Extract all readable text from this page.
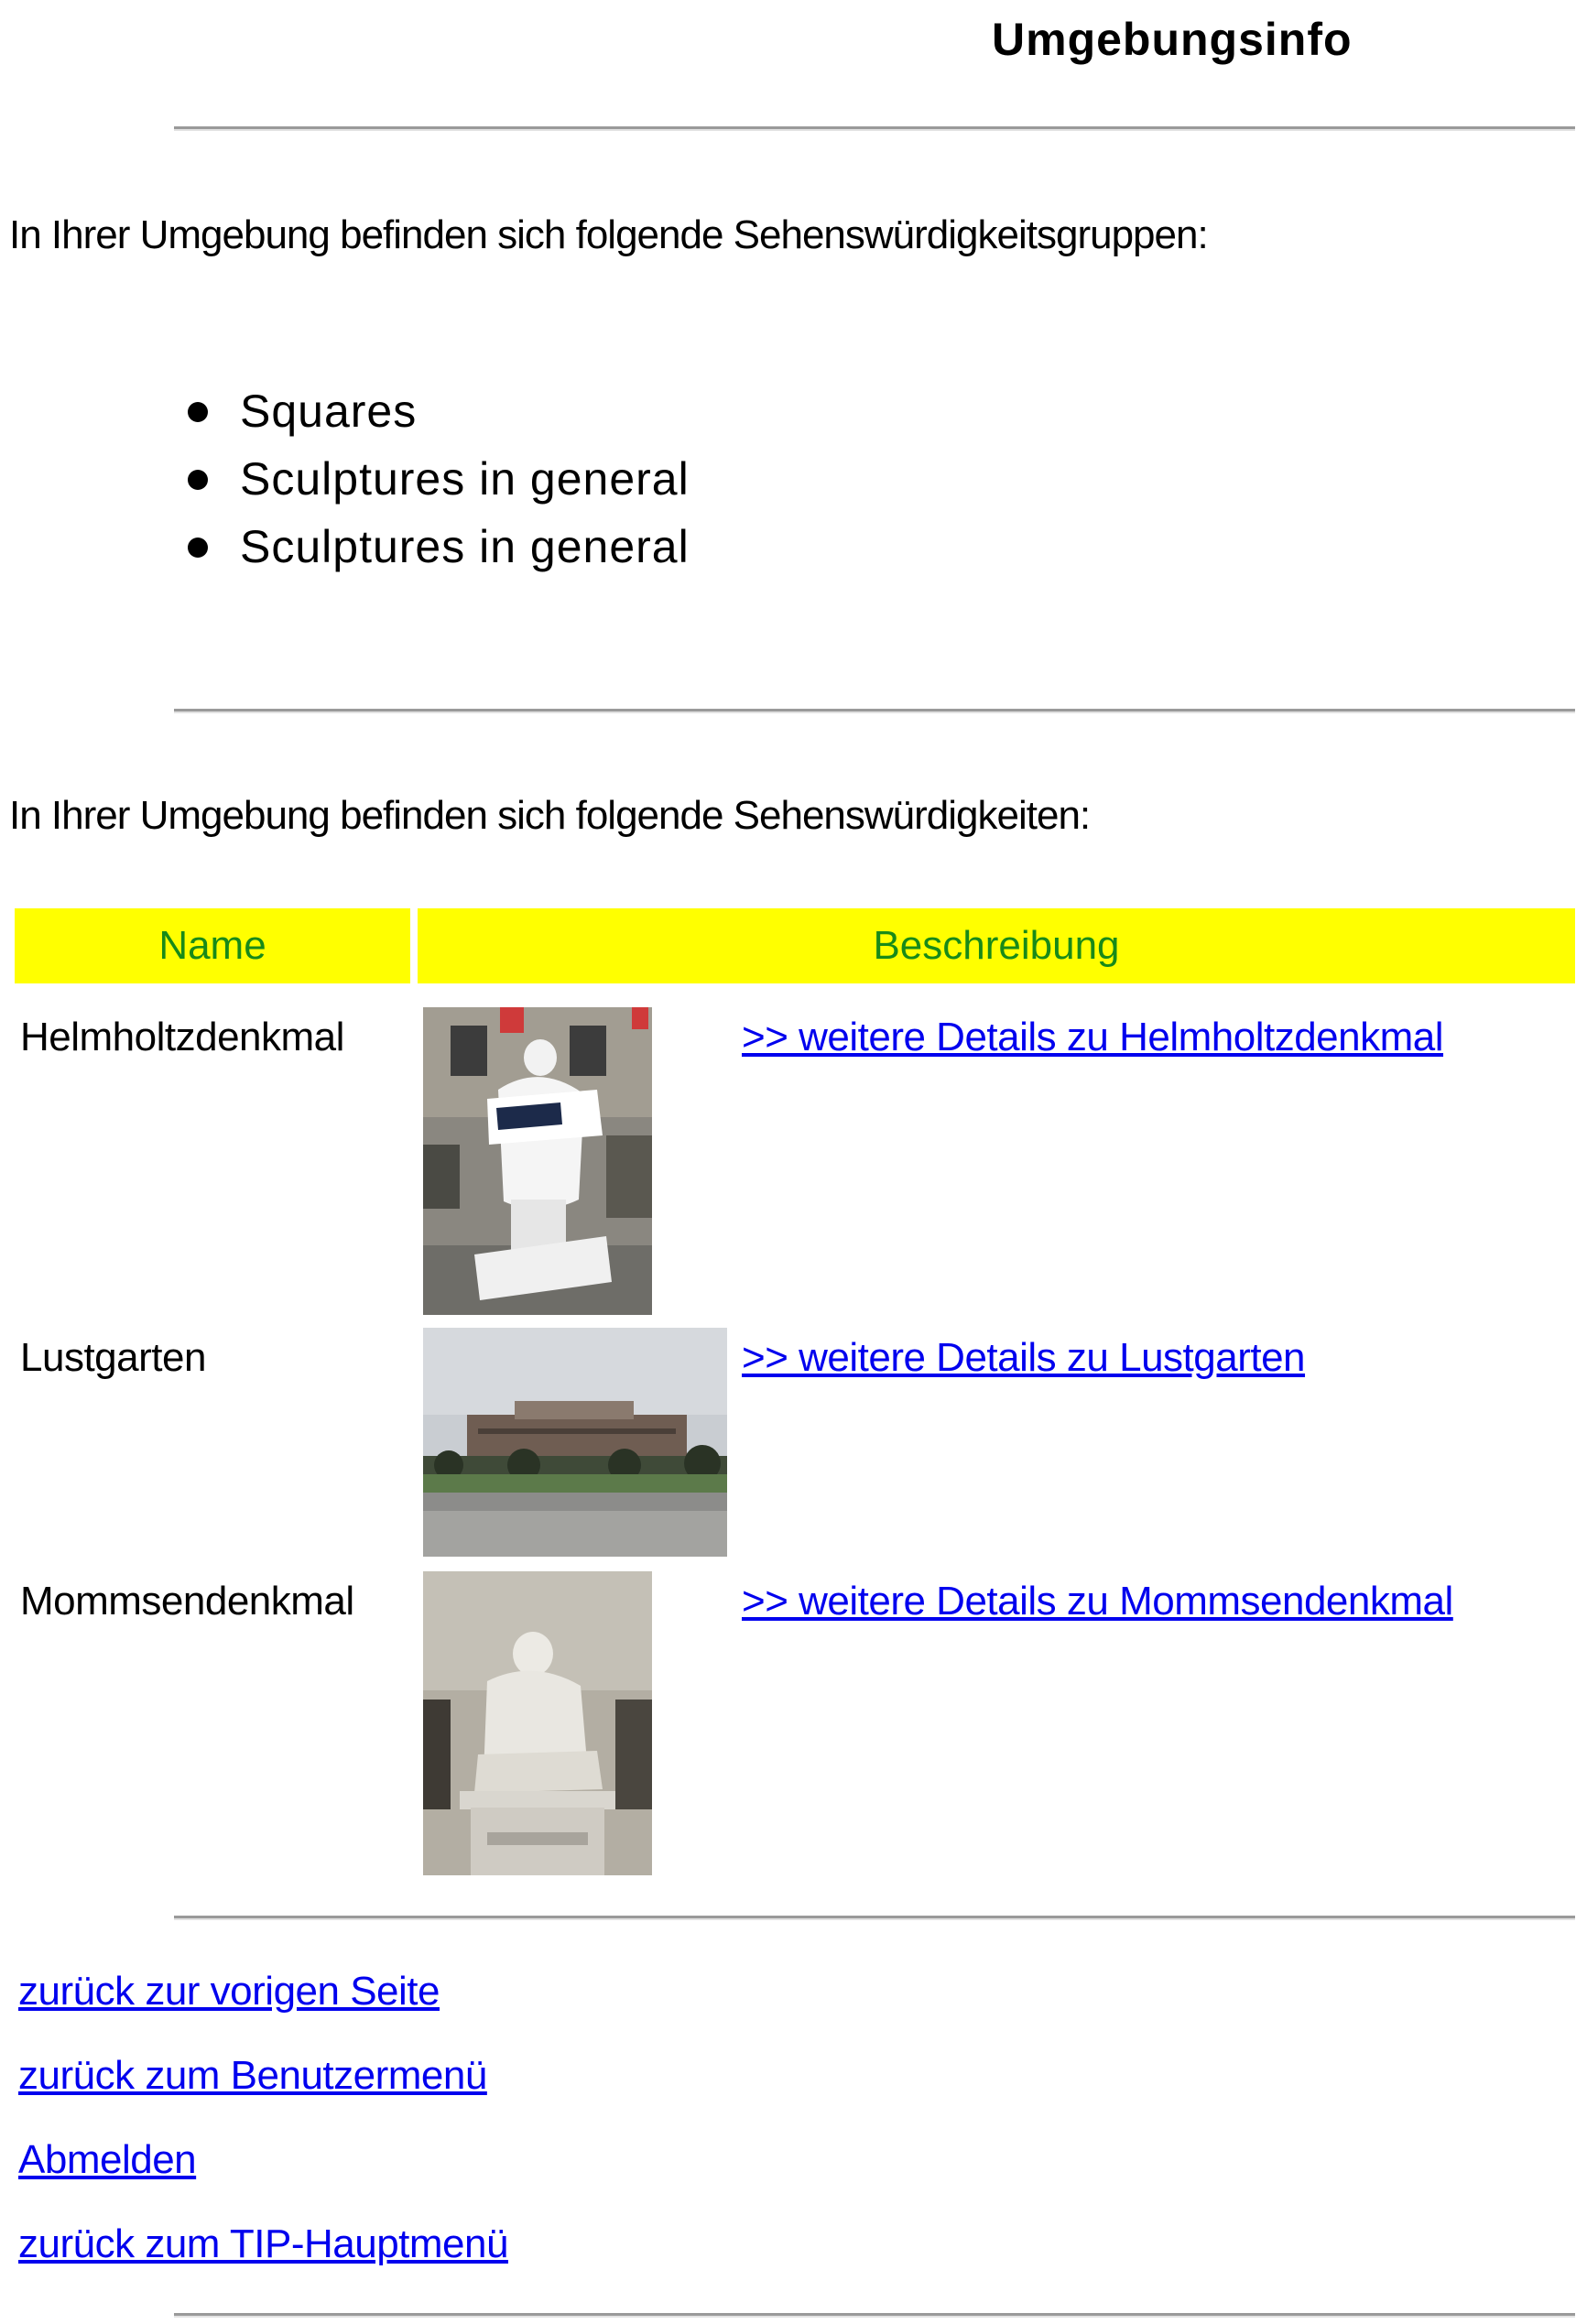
Umgebungsinfo
In Ihrer Umgebung befinden sich folgende Sehenswürdigkeitsgruppen:
Squares
Sculptures in general
Sculptures in general
In Ihrer Umgebung befinden sich folgende Sehenswürdigkeiten:
Name	Beschreibung
Helmholtzdenkmal	>> weitere Details zu Helmholtzdenkmal
Lustgarten	>> weitere Details zu Lustgarten
Mommsendenkmal	>> weitere Details zu Mommsendenkmal
zurück zur vorigen Seite
zurück zum Benutzermenü
Abmelden
zurück zum TIP-Hauptmenü
